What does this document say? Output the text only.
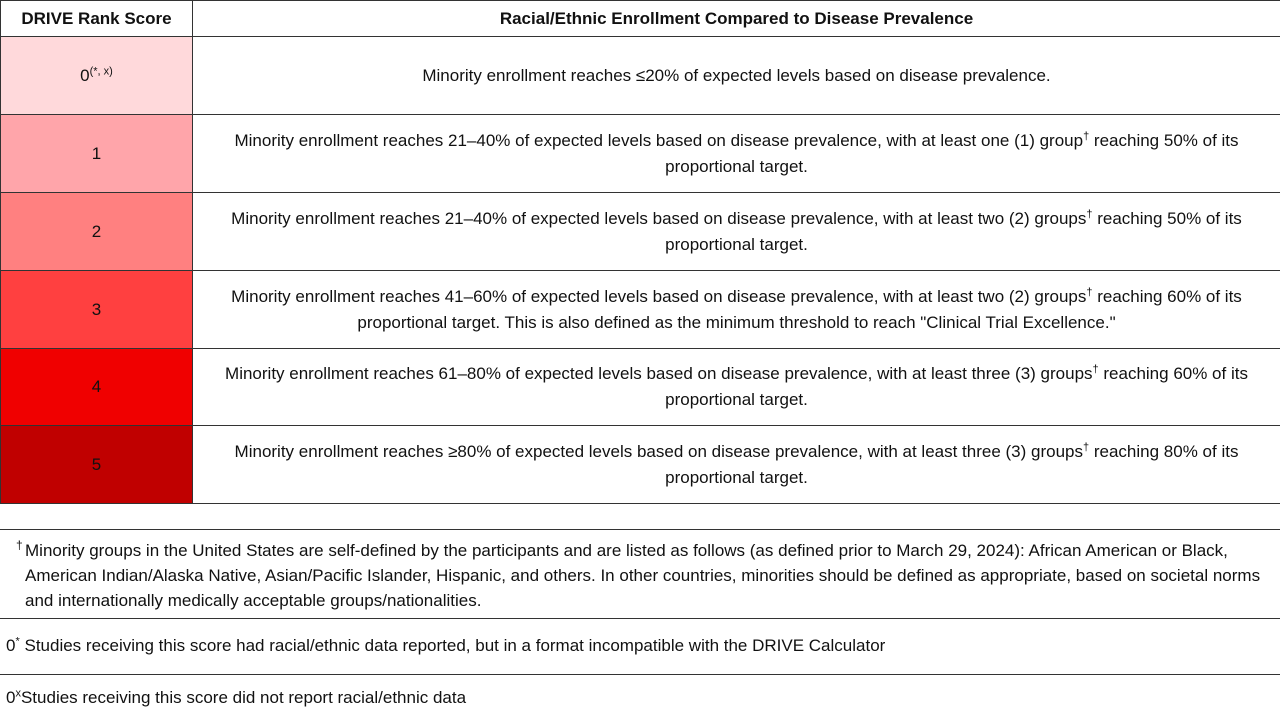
DRIVE Rank Score	Racial/Ethnic Enrollment Compared to Disease Prevalence
$0^{(*, x)}$	Minority enrollment reaches ≤20% of expected levels based on disease prevalence.
1	Minority enrollment reaches 21–40% of expected levels based on disease prevalence, with at least one (1) group† reaching 50% of its proportional target.
2	Minority enrollment reaches 21–40% of expected levels based on disease prevalence, with at least two (2) groups† reaching 50% of its proportional target.
3	Minority enrollment reaches 41–60% of expected levels based on disease prevalence, with at least two (2) groups† reaching 60% of its proportional target. This is also defined as the minimum threshold to reach "Clinical Trial Excellence."
4	Minority enrollment reaches 61–80% of expected levels based on disease prevalence, with at least three (3) groups† reaching 60% of its proportional target.
5	Minority enrollment reaches ≥80% of expected levels based on disease prevalence, with at least three (3) groups† reaching 80% of its proportional target.
† Minority groups in the United States are self-defined by the participants and are listed as follows (as defined prior to March 29, 2024): African American or Black, American Indian/Alaska Native, Asian/Pacific Islander, Hispanic, and others. In other countries, minorities should be defined as appropriate, based on societal norms and internationally medically acceptable groups/nationalities.
0* Studies receiving this score had racial/ethnic data reported, but in a format incompatible with the DRIVE Calculator
0$^x$Studies receiving this score did not report racial/ethnic data
